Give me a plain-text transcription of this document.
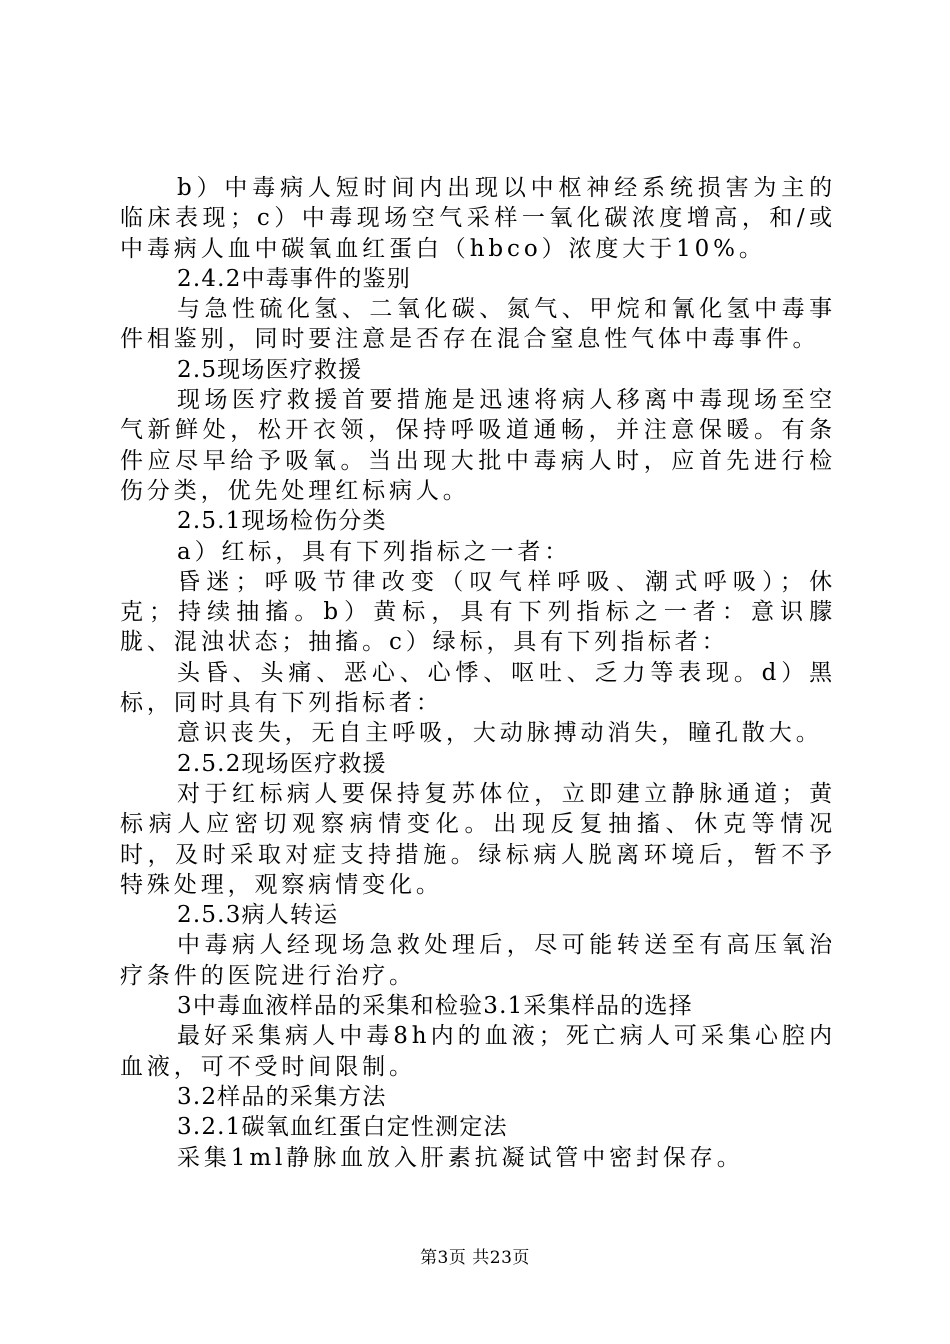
b）中毒病人短时间内出现以中枢神经系统损害为主的临床表现；c）中毒现场空气采样一氧化碳浓度增高，和/或中毒病人血中碳氧血红蛋白（hbco）浓度大于10%。

2.4.2中毒事件的鉴别

与急性硫化氢、二氧化碳、氮气、甲烷和氰化氢中毒事件相鉴别，同时要注意是否存在混合窒息性气体中毒事件。

2.5现场医疗救援

现场医疗救援首要措施是迅速将病人移离中毒现场至空气新鲜处，松开衣领，保持呼吸道通畅，并注意保暖。有条件应尽早给予吸氧。当出现大批中毒病人时，应首先进行检伤分类，优先处理红标病人。

2.5.1现场检伤分类

a）红标，具有下列指标之一者：

昏迷；呼吸节律改变（叹气样呼吸、潮式呼吸）；休克；持续抽搐。b）黄标，具有下列指标之一者：意识朦胧、混浊状态；抽搐。c）绿标，具有下列指标者：

头昏、头痛、恶心、心悸、呕吐、乏力等表现。d）黑标，同时具有下列指标者：

意识丧失，无自主呼吸，大动脉搏动消失，瞳孔散大。

2.5.2现场医疗救援

对于红标病人要保持复苏体位，立即建立静脉通道；黄标病人应密切观察病情变化。出现反复抽搐、休克等情况时，及时采取对症支持措施。绿标病人脱离环境后，暂不予特殊处理，观察病情变化。

2.5.3病人转运

中毒病人经现场急救处理后，尽可能转送至有高压氧治疗条件的医院进行治疗。

3中毒血液样品的采集和检验3.1采集样品的选择

最好采集病人中毒8h内的血液；死亡病人可采集心腔内血液，可不受时间限制。

3.2样品的采集方法

3.2.1碳氧血红蛋白定性测定法

采集1ml静脉血放入肝素抗凝试管中密封保存。

第3页 共23页
